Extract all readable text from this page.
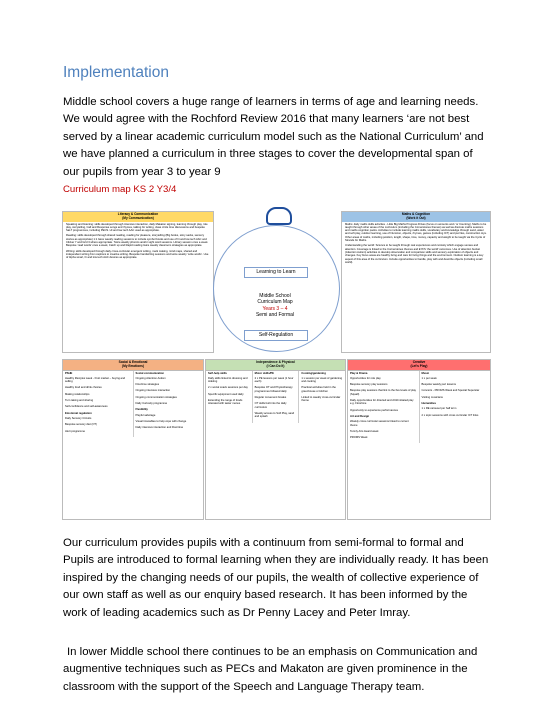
Implementation

Middle school covers a huge range of learners in terms of age and learning needs. We would agree with the Rochford Review 2016 that many learners ‘are not best served by a linear academic curriculum model such as the National Curriculum’ and we have planned a curriculum in three stages to cover the developmental span of our pupils from year 3 to year 9

Curriculum map KS 2 Y3/4
Literacy & Communication
(My Communication)

Speaking and listening: skills developed through intensive interaction, daily Makaton signing, learning through play, role play, storytelling, Call and Response songs and rhymes, talking for writing, class circle time discussions and bespoke SaLT programmes, including PECS. HI and low tech AAC used as appropriate.

Reading: skills developed through shared reading, reading for pleasure, storytelling (Big books, story sacks, sensory stories as appropriate) 1:1 twice weekly reading sessions to include symbol books and use of hi and low tech AAC and Clicker 7 and Grid 3 where appropriate. Twice weekly phonics and/or sight word sessions. Library session once a week. Bespoke ‘read words’ once a week, Catch up and Rapid reading twice weekly classroom strategies as appropriate.

Writing: skills developed through daily cross-curricular emergent writing, mark making, mind maps, shared and independent writing from captions to creative writing. Bespoke handwriting sessions and twice weekly ‘write words’. Use of Alpha smart, hi and low tech AAC devices as appropriate.

Learning to Learn
Middle School
Curriculum Map
Years 3 – 4
Semi and Formal
Self-Regulation
Maths & Cognition
(Work it Out)

Maths: daily maths skills activities - Little Big Maths Progress Drives (focus on amounts and / or Counting). Maths to be taught through other areas of the curriculum (including the Cornerstones themes) as well as discrete maths sessions and maths cognition packs. Activities to include learning maths skills, vocabulary and knowledge through sand, water and soft play, outdoor learning, use of Numicon, objects, rhymes, games (including ICT) and puzzles, construction toys. Other areas of maths, including position, length, shape, time, money, capacity and weight to be taught via the Cycle of Strands for Maths.

Understanding the world: Science to be taught through real experiences and curiosity which engage senses and attention. Coverage is linked to the Cornerstones themes and EYFS ‘the world’ outcomes. Use of attention bucket (Attention Autism) activities to develop observation and comparison skills and sensory exploration of objects and changes. Key focus areas are healthy living and care for living things and the environment. Outdoor learning is a key aspect of this area of the curriculum. Include opportunities to handle, play with and describe objects (including small world).

Social & Emotional
(My Emotions)
PSHE
Healthy lifestyles week - Fruit market – buying and selling
Healthy food and drink choices
Making relationships
Turn taking and sharing
Self-confidence and self-awareness
Emotional regulation
Daily Sensory Circuits
Bespoke sensory diet (OT)
Alert programme
Social communication
Ongoing Attention Autism
Floortime strategies
Ongoing intensive interaction
Ongoing communication strategies
Daily Curiosity programme
Flexibility
Playful sabotage
Visual timetables to help cope with change
Daily intensive interaction and Floortime
Independence & Physical
(I Can Do It)
Self-help skills
Daily skills linked to dressing and toileting
2 x social snack sessions per day
Specific equipment used daily
Extending the range of foods tolerated with taster menus
Motor skills/PE
2 x PE lessons per week (1 hour each)
Bespoke OT and Physiotherapy programmes followed daily
Regular movement breaks
OT skills built into the daily curriculum
Weekly access to Soft Play, sand and splash
Cooking/gardening
1 x session per week of gardening and cooking
Practical activities held in the greenhouse or kitchen
Linked to weekly cross-curricular theme
Creative
(Let's Play)
Play & Drama
Opportunities for role play
Bespoke sensory play sessions
Bespoke play sessions that link to the five levels of play (Squall)
Daily opportunities for directed and child initiated play e.g. Floortime
Opportunity to experience performances
Art and Design
Weekly cross curricular sessions linked to current theme
Termly Arts Award week
PROMS Week
Music
1 x per week
Bespoke weekly peri lessons
Concerts - PROMS Week and Special Superstar
Visiting musicians
Humanities
1 x RE carousel per half term
2 x topic sessions with cross curricular ICT links

Our curriculum provides pupils with a continuum from semi-formal to formal and Pupils are introduced to formal learning when they are individually ready. It has been inspired by the changing needs of our pupils, the wealth of collective experience of our own staff as well as our enquiry based research. It has been informed by the work of leading academics such as Dr Penny Lacey and Peter Imray.

In lower Middle school there continues to be an emphasis on Communication and augmentive techniques such as PECs and Makaton are given prominence in the classroom with the support of the Speech and Language Therapy team.
